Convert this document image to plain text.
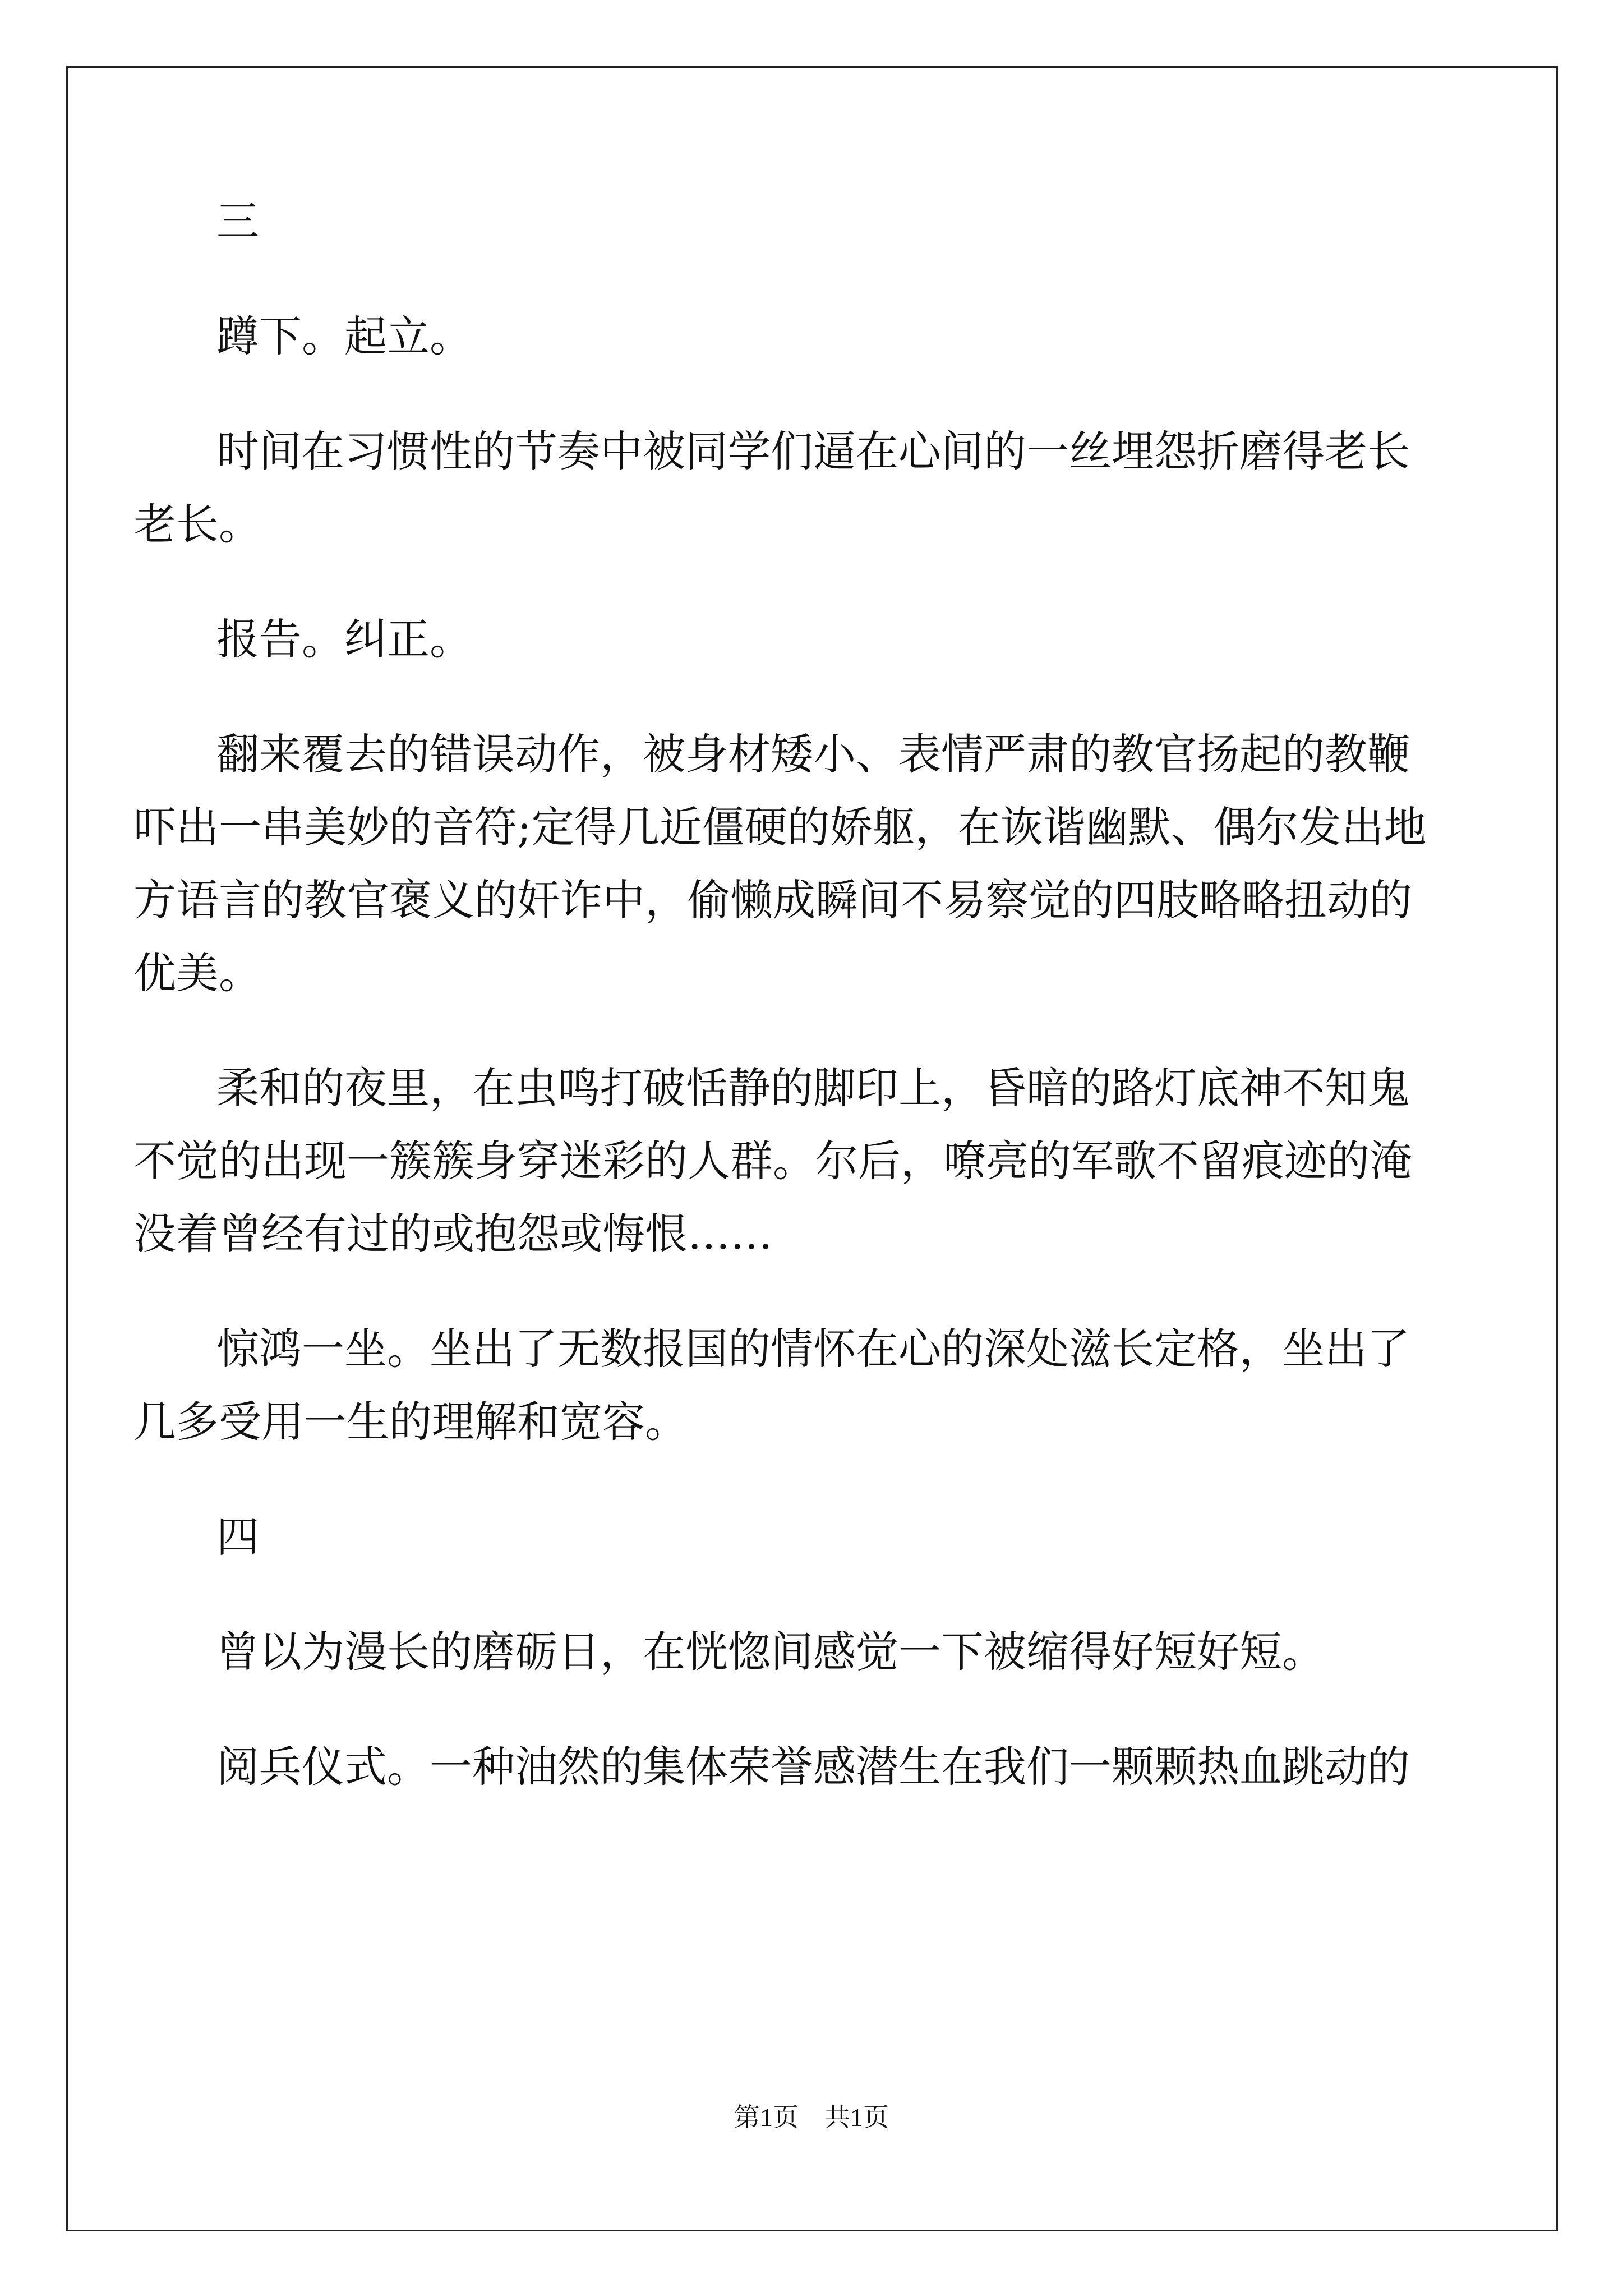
三
蹲下。起立。
时间在习惯性的节奏中被同学们逼在心间的一丝埋怨折磨得老长
老长。
报告。纠正。
翻来覆去的错误动作，被身材矮小、表情严肃的教官扬起的教鞭
吓出一串美妙的音符;定得几近僵硬的娇躯，在诙谐幽默、偶尔发出地
方语言的教官褒义的奸诈中，偷懒成瞬间不易察觉的四肢略略扭动的
优美。
柔和的夜里，在虫鸣打破恬静的脚印上，昏暗的路灯底神不知鬼
不觉的出现一簇簇身穿迷彩的人群。尔后，嘹亮的军歌不留痕迹的淹
没着曾经有过的或抱怨或悔恨……
惊鸿一坐。坐出了无数报国的情怀在心的深处滋长定格，坐出了
几多受用一生的理解和宽容。
四
曾以为漫长的磨砺日，在恍惚间感觉一下被缩得好短好短。
阅兵仪式。一种油然的集体荣誉感潜生在我们一颗颗热血跳动的
第1页　共1页
